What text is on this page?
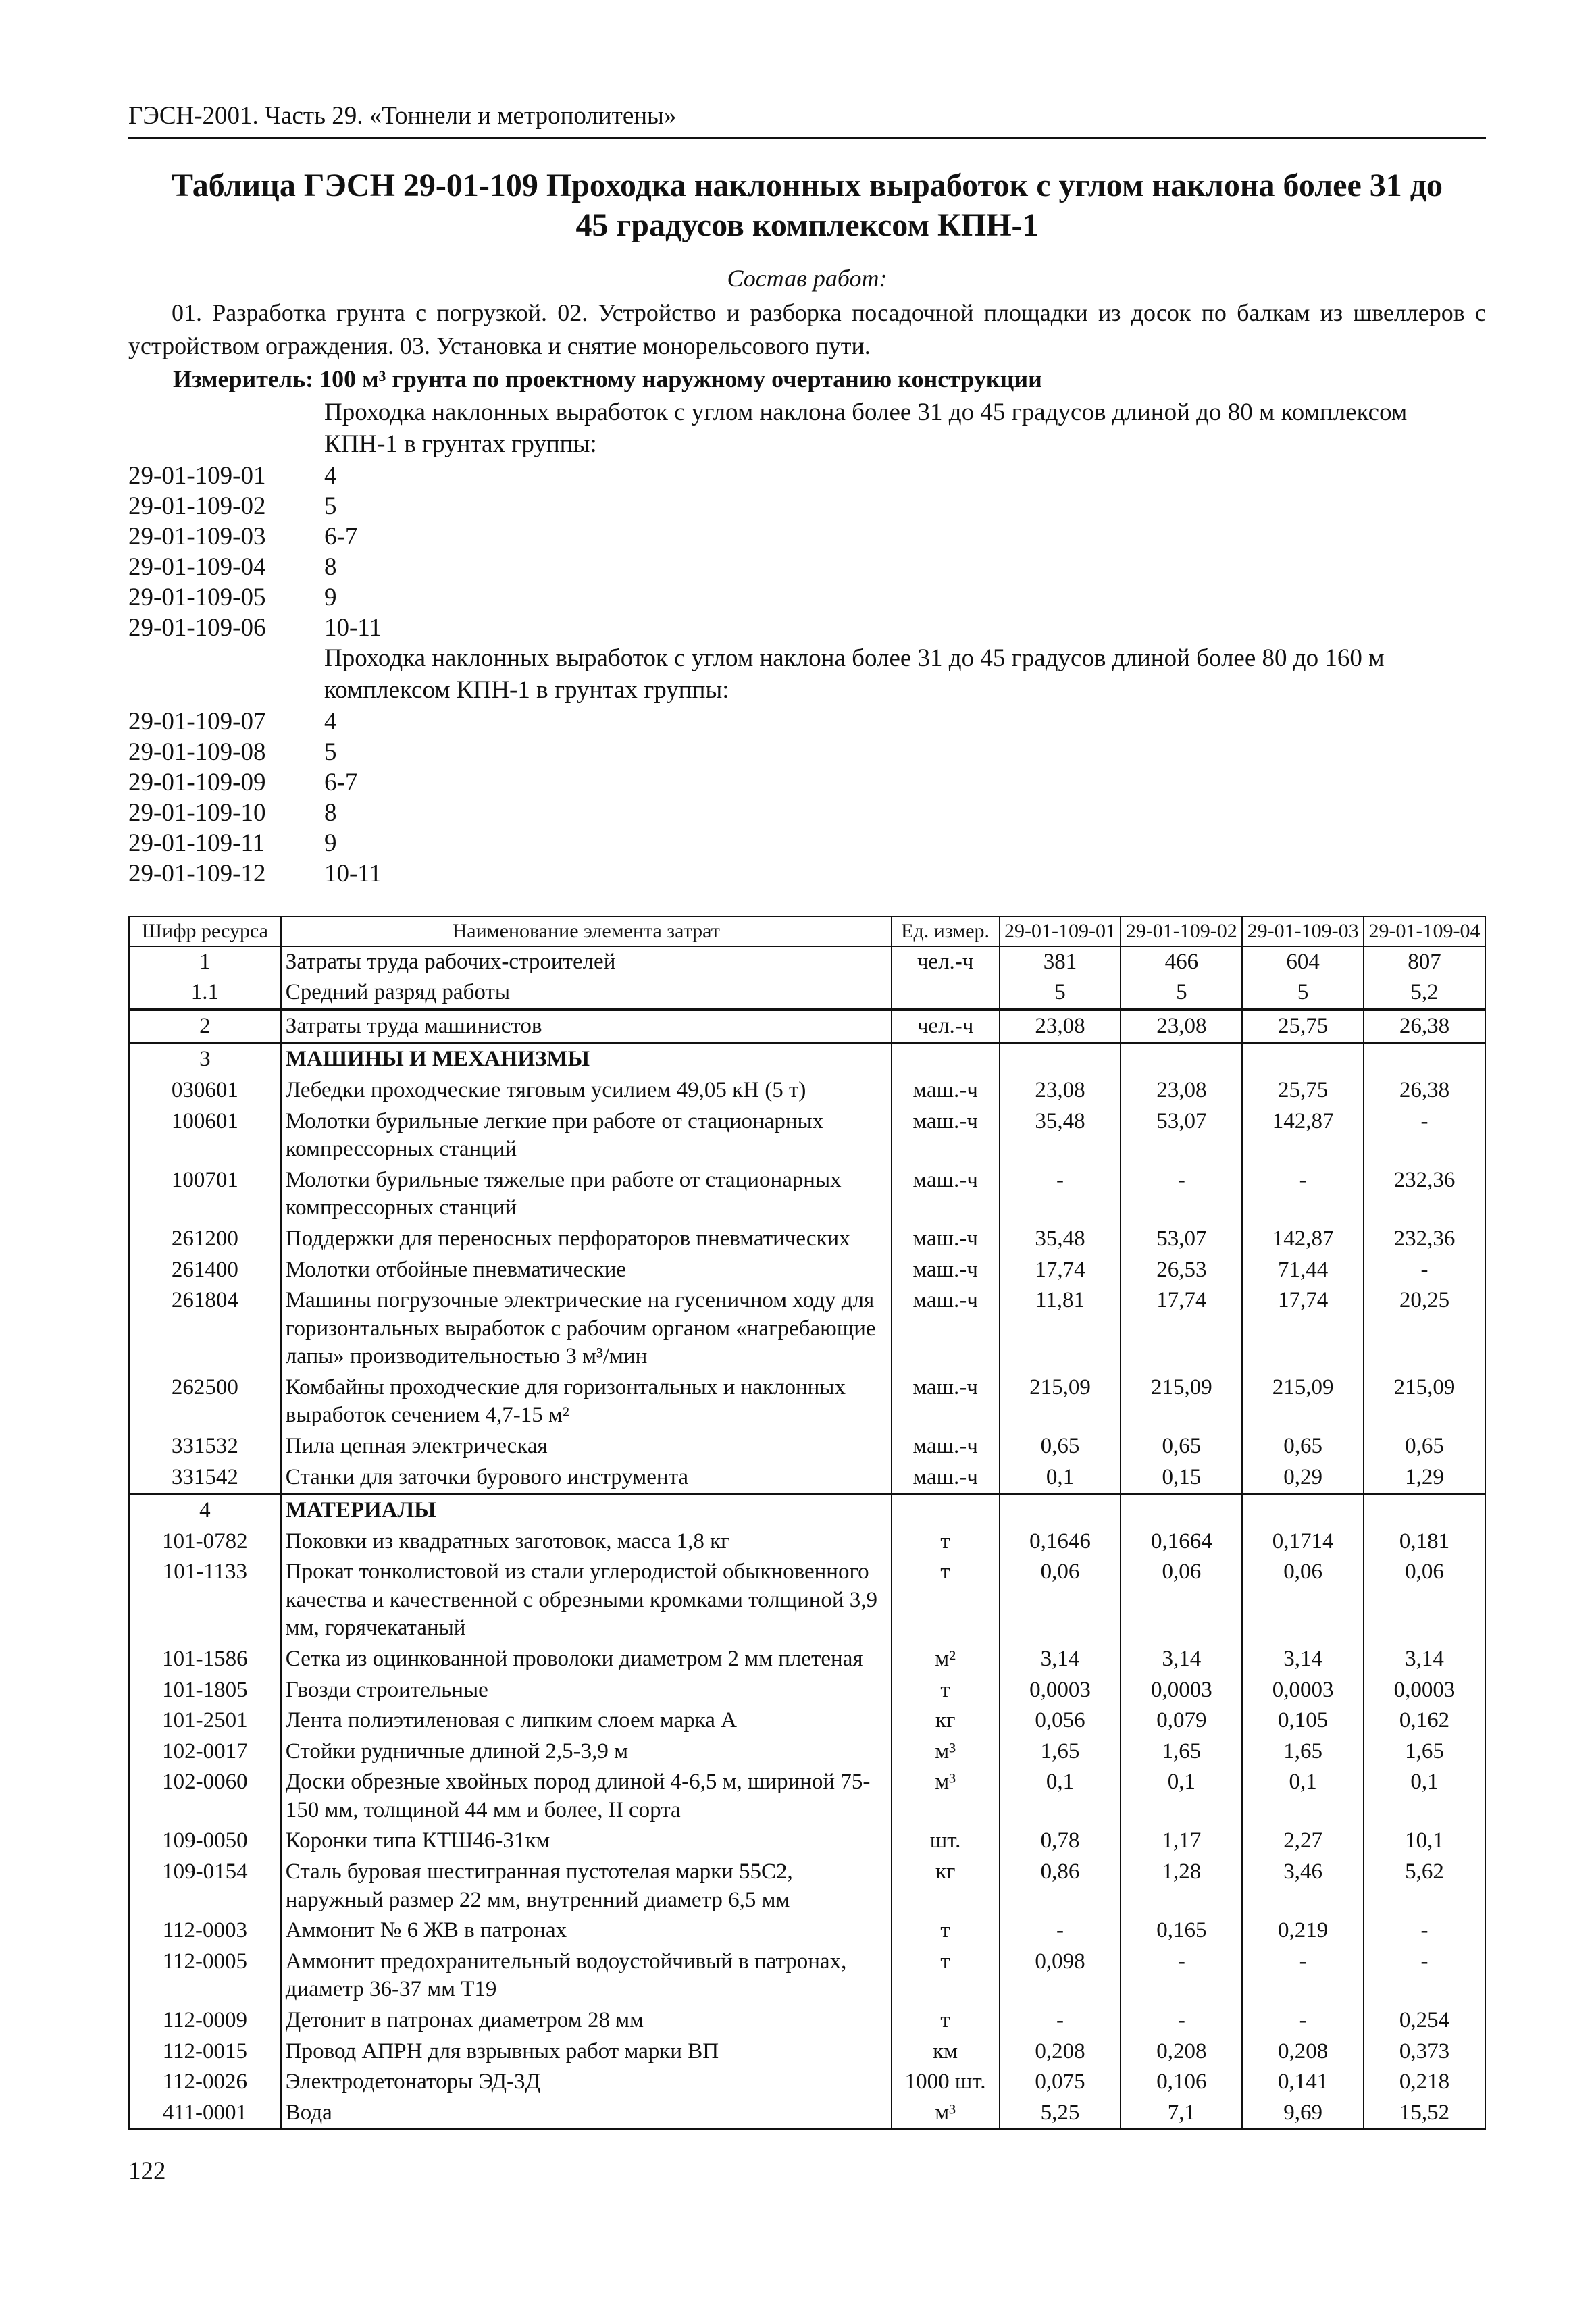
ГЭСН-2001. Часть 29. «Тоннели и метрополитены»
Таблица ГЭСН 29-01-109 Проходка наклонных выработок с углом наклона более 31 до
45 градусов комплексом КПН-1
Состав работ:
01. Разработка грунта с погрузкой. 02. Устройство и разборка посадочной площадки из досок по балкам из швеллеров с устройством ограждения. 03. Установка и снятие монорельсового пути.
Измеритель: 100 м³ грунта по проектному наружному очертанию конструкции
Проходка наклонных выработок с углом наклона более 31 до 45 градусов длиной до 80 м комплексом КПН-1 в грунтах группы:
29-01-109-01	4
29-01-109-02	5
29-01-109-03	6-7
29-01-109-04	8
29-01-109-05	9
29-01-109-06	10-11
Проходка наклонных выработок с углом наклона более 31 до 45 градусов длиной более 80 до 160 м комплексом КПН-1 в грунтах группы:
29-01-109-07	4
29-01-109-08	5
29-01-109-09	6-7
29-01-109-10	8
29-01-109-11	9
29-01-109-12	10-11
Шифр ресурса	Наименование элемента затрат	Ед. измер.	29-01-109-01	29-01-109-02	29-01-109-03	29-01-109-04
1	Затраты труда рабочих-строителей	чел.-ч	381	466	604	807
1.1	Средний разряд работы		5	5	5	5,2
2	Затраты труда машинистов	чел.-ч	23,08	23,08	25,75	26,38
3	МАШИНЫ И МЕХАНИЗМЫ					
030601	Лебедки проходческие тяговым усилием 49,05 кН (5 т)	маш.-ч	23,08	23,08	25,75	26,38
100601	Молотки бурильные легкие при работе от стационарных компрессорных станций	маш.-ч	35,48	53,07	142,87	-
100701	Молотки бурильные тяжелые при работе от стационарных компрессорных станций	маш.-ч	-	-	-	232,36
261200	Поддержки для переносных перфораторов пневматических	маш.-ч	35,48	53,07	142,87	232,36
261400	Молотки отбойные пневматические	маш.-ч	17,74	26,53	71,44	-
261804	Машины погрузочные электрические на гусеничном ходу для горизонтальных выработок с рабочим органом «нагребающие лапы» производительностью 3 м³/мин	маш.-ч	11,81	17,74	17,74	20,25
262500	Комбайны проходческие для горизонтальных и наклонных выработок сечением 4,7-15 м²	маш.-ч	215,09	215,09	215,09	215,09
331532	Пила цепная электрическая	маш.-ч	0,65	0,65	0,65	0,65
331542	Станки для заточки бурового инструмента	маш.-ч	0,1	0,15	0,29	1,29
4	МАТЕРИАЛЫ					
101-0782	Поковки из квадратных заготовок, масса 1,8 кг	т	0,1646	0,1664	0,1714	0,181
101-1133	Прокат тонколистовой из стали углеродистой обыкновенного качества и качественной с обрезными кромками толщиной 3,9 мм, горячекатаный	т	0,06	0,06	0,06	0,06
101-1586	Сетка из оцинкованной проволоки диаметром 2 мм плетеная	м²	3,14	3,14	3,14	3,14
101-1805	Гвозди строительные	т	0,0003	0,0003	0,0003	0,0003
101-2501	Лента полиэтиленовая с липким слоем марка А	кг	0,056	0,079	0,105	0,162
102-0017	Стойки рудничные длиной 2,5-3,9 м	м³	1,65	1,65	1,65	1,65
102-0060	Доски обрезные хвойных пород длиной 4-6,5 м, шириной 75-150 мм, толщиной 44 мм и более, II сорта	м³	0,1	0,1	0,1	0,1
109-0050	Коронки типа КТШ46-31км	шт.	0,78	1,17	2,27	10,1
109-0154	Сталь буровая шестигранная пустотелая марки 55С2, наружный размер 22 мм, внутренний диаметр 6,5 мм	кг	0,86	1,28	3,46	5,62
112-0003	Аммонит № 6 ЖВ в патронах	т	-	0,165	0,219	-
112-0005	Аммонит предохранительный водоустойчивый в патронах, диаметр 36-37 мм Т19	т	0,098	-	-	-
112-0009	Детонит в патронах диаметром 28 мм	т	-	-	-	0,254
112-0015	Провод АПРН для взрывных работ марки ВП	км	0,208	0,208	0,208	0,373
112-0026	Электродетонаторы ЭД-3Д	1000 шт.	0,075	0,106	0,141	0,218
411-0001	Вода	м³	5,25	7,1	9,69	15,52
122
